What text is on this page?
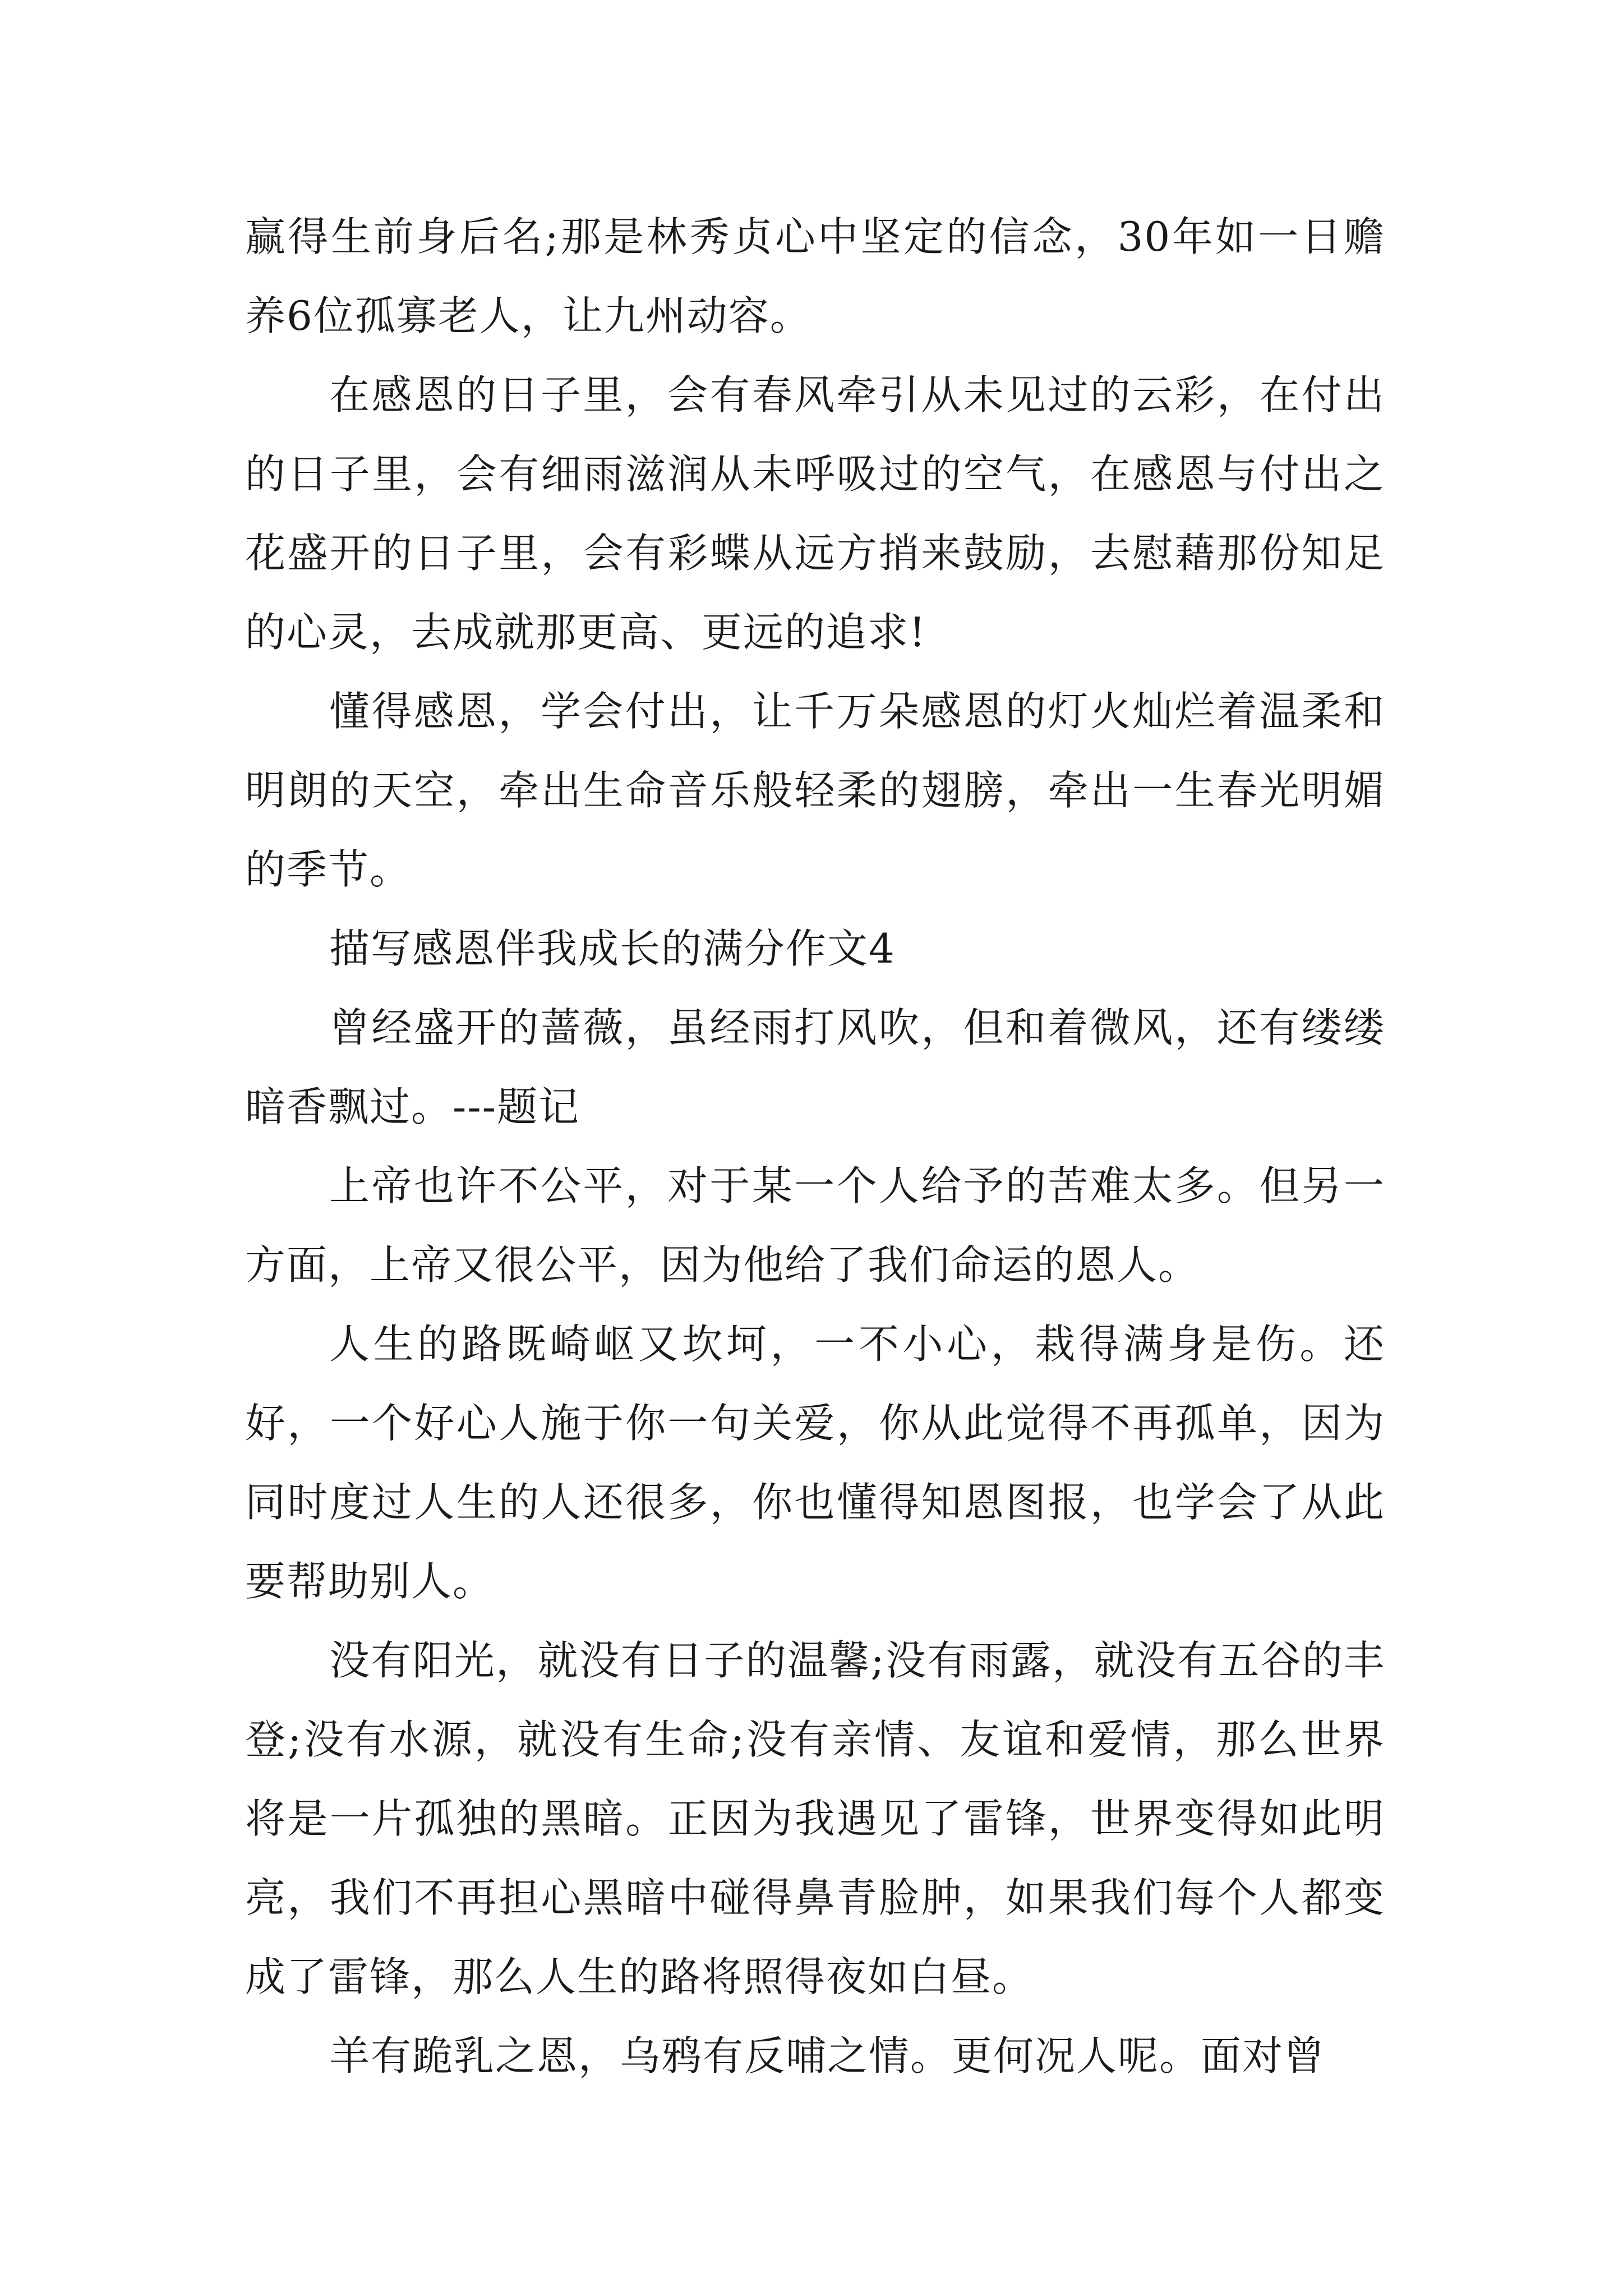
赢得生前身后名;那是林秀贞心中坚定的信念，30年如一日赡养6位孤寡老人，让九州动容。

在感恩的日子里，会有春风牵引从未见过的云彩，在付出的日子里，会有细雨滋润从未呼吸过的空气，在感恩与付出之花盛开的日子里，会有彩蝶从远方捎来鼓励，去慰藉那份知足的心灵，去成就那更高、更远的追求!

懂得感恩，学会付出，让千万朵感恩的灯火灿烂着温柔和明朗的天空，牵出生命音乐般轻柔的翅膀，牵出一生春光明媚的季节。

描写感恩伴我成长的满分作文4

曾经盛开的蔷薇，虽经雨打风吹，但和着微风，还有缕缕暗香飘过。---题记

上帝也许不公平，对于某一个人给予的苦难太多。但另一方面，上帝又很公平，因为他给了我们命运的恩人。

人生的路既崎岖又坎坷，一不小心，栽得满身是伤。还好，一个好心人施于你一句关爱，你从此觉得不再孤单，因为同时度过人生的人还很多，你也懂得知恩图报，也学会了从此要帮助别人。

没有阳光，就没有日子的温馨;没有雨露，就没有五谷的丰登;没有水源，就没有生命;没有亲情、友谊和爱情，那么世界将是一片孤独的黑暗。正因为我遇见了雷锋，世界变得如此明亮，我们不再担心黑暗中碰得鼻青脸肿，如果我们每个人都变成了雷锋，那么人生的路将照得夜如白昼。

羊有跪乳之恩，乌鸦有反哺之情。更何况人呢。面对曾
